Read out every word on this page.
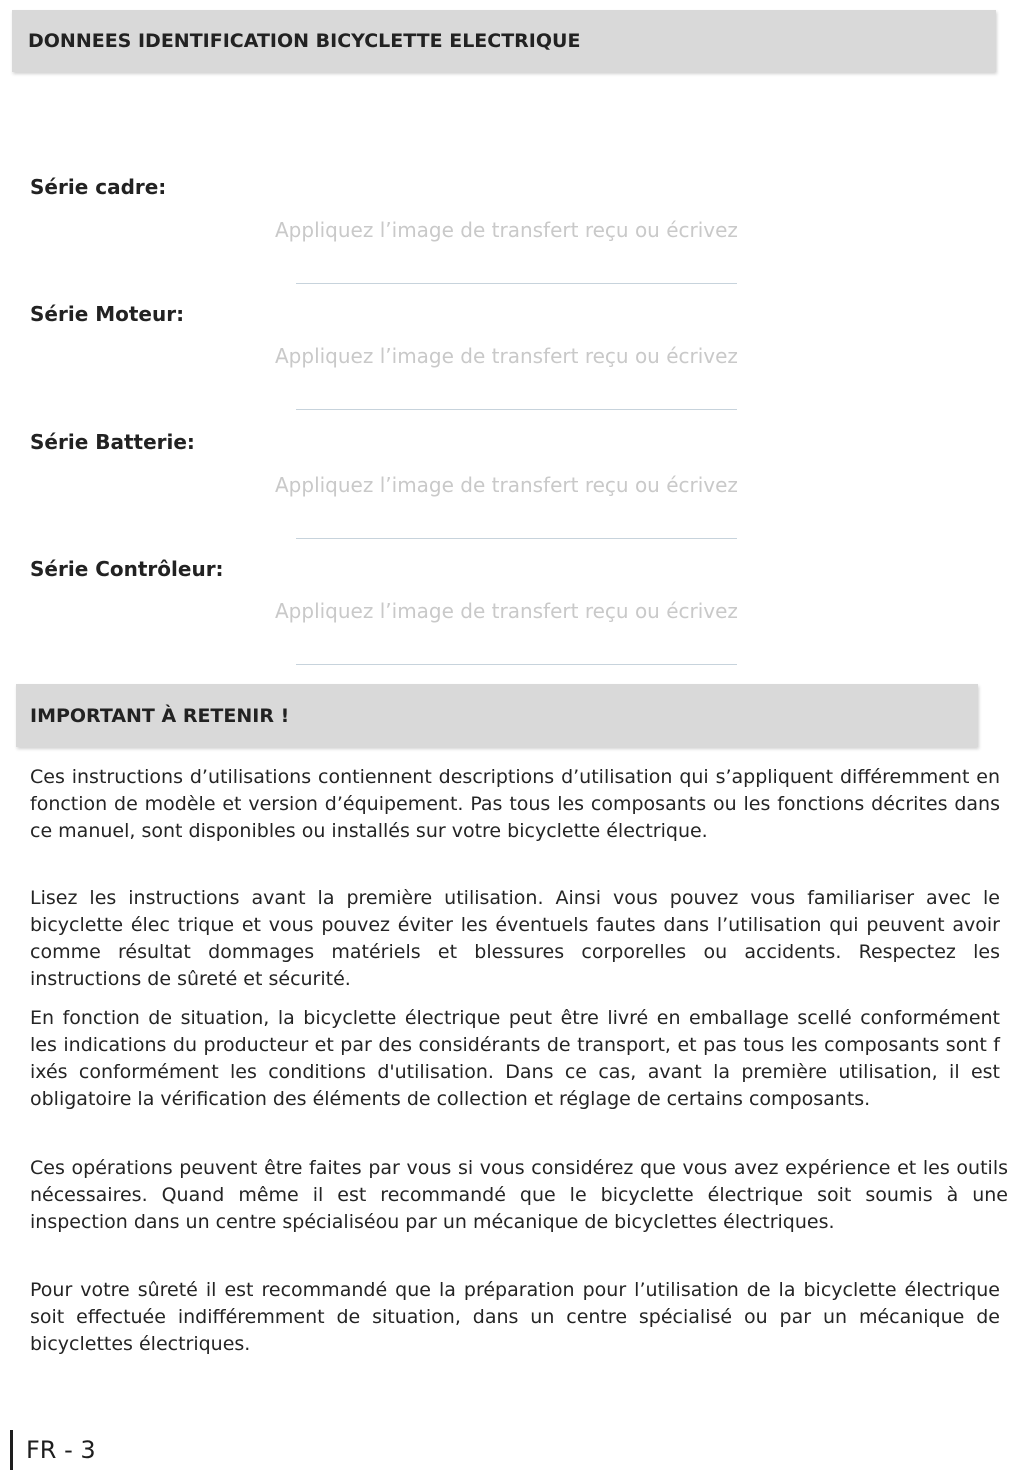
DONNEES IDENTIFICATION BICYCLETTE ELECTRIQUE
Série cadre:
Appliquez l’image de transfert reçu ou écrivez
Série Moteur:
Appliquez l’image de transfert reçu ou écrivez
Série Batterie:
Appliquez l’image de transfert reçu ou écrivez
Série Contrôleur:
Appliquez l’image de transfert reçu ou écrivez
IMPORTANT À RETENIR !

Ces instructions d’utilisations contiennent descriptions d’utilisation qui s’appliquent différemment en fonction de modèle et version d’équipement. Pas tous les composants ou les fonctions décrites dans ce manuel, sont disponibles ou installés sur votre bicyclette électrique.

Lisez les instructions avant la première utilisation. Ainsi vous pouvez vous familiariser avec le bicyclette élec trique et vous pouvez éviter les éventuels fautes dans l’utilisation qui peuvent avoir comme résultat dommages matériels et blessures corporelles ou accidents. Respectez les instructions de sûreté et sécurité.

En fonction de situation, la bicyclette électrique peut être livré en emballage scellé conformément les indications du producteur et par des considérants de transport, et pas tous les composants sont f ixés conformément les conditions d'utilisation. Dans ce cas, avant la première utilisation, il est obligatoire la vérification des éléments de collection et réglage de certains composants.

Ces opérations peuvent être faites par vous si vous considérez que vous avez expérience et les outils nécessaires. Quand même il est recommandé que le bicyclette électrique soit soumis à une inspection dans un centre spécialiséou par un mécanique de bicyclettes électriques.

Pour votre sûreté il est recommandé que la préparation pour l’utilisation de la bicyclette électrique soit effectuée indifféremment de situation, dans un centre spécialisé ou par un mécanique de bicyclettes électriques.

FR - 3
